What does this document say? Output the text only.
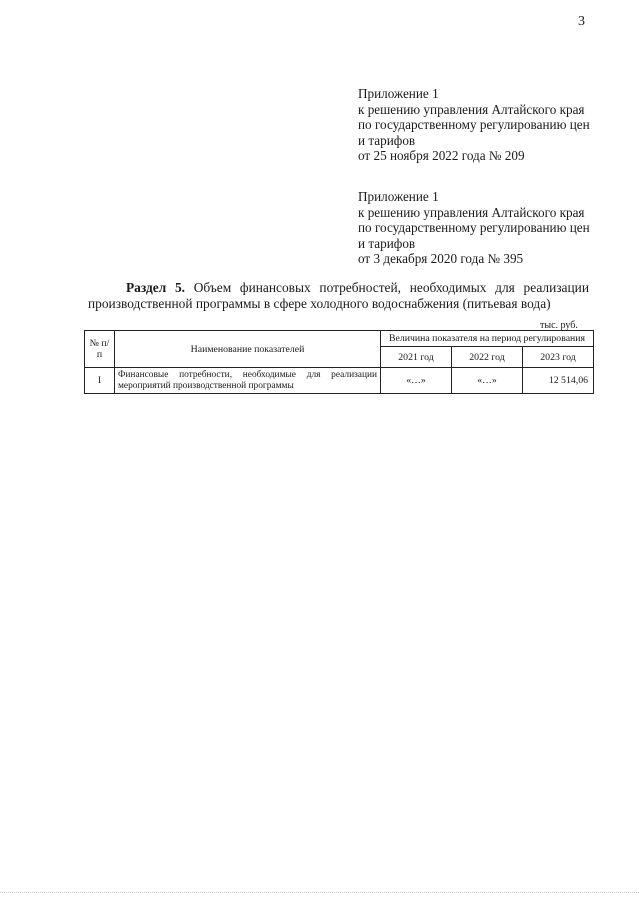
3
Приложение 1
к решению управления Алтайского края
по государственному регулированию цен
и тарифов
от 25 ноября 2022 года № 209
Приложение 1
к решению управления Алтайского края
по государственному регулированию цен
и тарифов
от 3 декабря 2020 года № 395
Раздел 5. Объем финансовых потребностей, необходимых для реализации
производственной программы в сфере холодного водоснабжения (питьевая вода)
тыс. руб.
№ п/п	Наименование показателей	Величина показателя на период регулирования		
		2021 год	2022 год	2023 год
I	Финансовые потребности, необходимые для реализации мероприятий производственной программы	«…»	«…»	12 514,06
